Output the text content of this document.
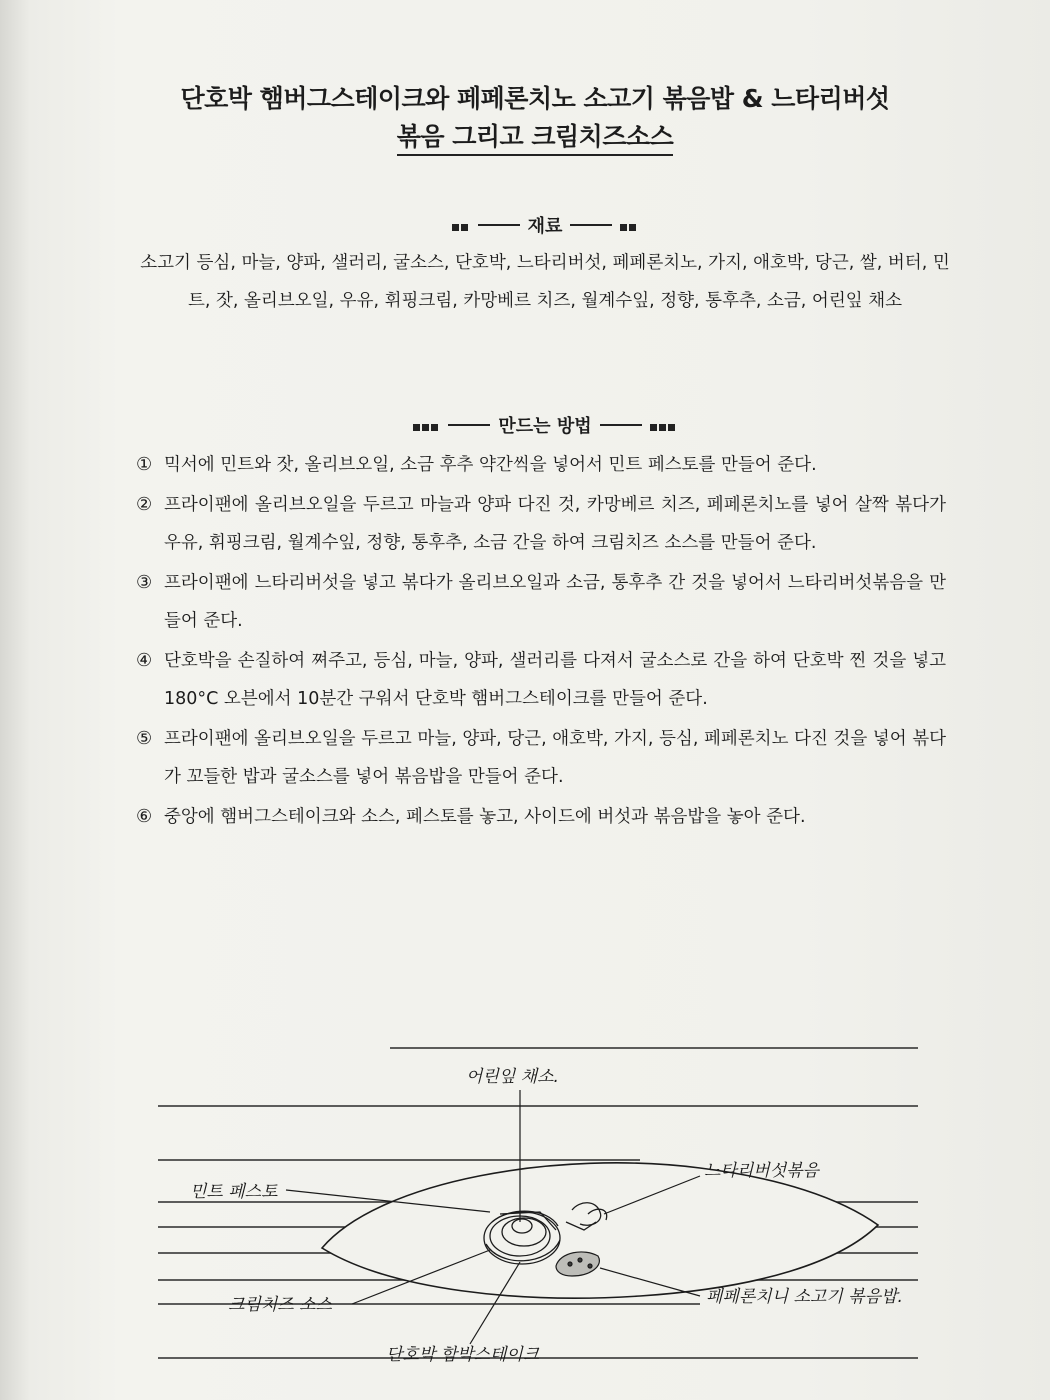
단호박 햄버그스테이크와 페페론치노 소고기 볶음밥 & 느타리버섯
볶음 그리고 크림치즈소스
재료
소고기 등심, 마늘, 양파, 샐러리, 굴소스, 단호박, 느타리버섯, 페페론치노, 가지, 애호박, 당근, 쌀, 버터, 민트, 잣, 올리브오일, 우유, 휘핑크림, 카망베르 치즈, 월계수잎, 정향, 통후추, 소금, 어린잎 채소
만드는 방법
① 믹서에 민트와 잣, 올리브오일, 소금 후추 약간씩을 넣어서 민트 페스토를 만들어 준다.
② 프라이팬에 올리브오일을 두르고 마늘과 양파 다진 것, 카망베르 치즈, 페페론치노를 넣어 살짝 볶다가 우유, 휘핑크림, 월계수잎, 정향, 통후추, 소금 간을 하여 크림치즈 소스를 만들어 준다.
③ 프라이팬에 느타리버섯을 넣고 볶다가 올리브오일과 소금, 통후추 간 것을 넣어서 느타리버섯볶음을 만들어 준다.
④ 단호박을 손질하여 쪄주고, 등심, 마늘, 양파, 샐러리를 다져서 굴소스로 간을 하여 단호박 찐 것을 넣고 180°C 오븐에서 10분간 구워서 단호박 햄버그스테이크를 만들어 준다.
⑤ 프라이팬에 올리브오일을 두르고 마늘, 양파, 당근, 애호박, 가지, 등심, 페페론치노 다진 것을 넣어 볶다가 꼬들한 밥과 굴소스를 넣어 볶음밥을 만들어 준다.
⑥ 중앙에 햄버그스테이크와 소스, 페스토를 놓고, 사이드에 버섯과 볶음밥을 놓아 준다.
어린잎 채소.
민트 페스토
느타리버섯볶음
크림치즈 소스	페페론치니 소고기 볶음밥.
단호박 함박스테이크
